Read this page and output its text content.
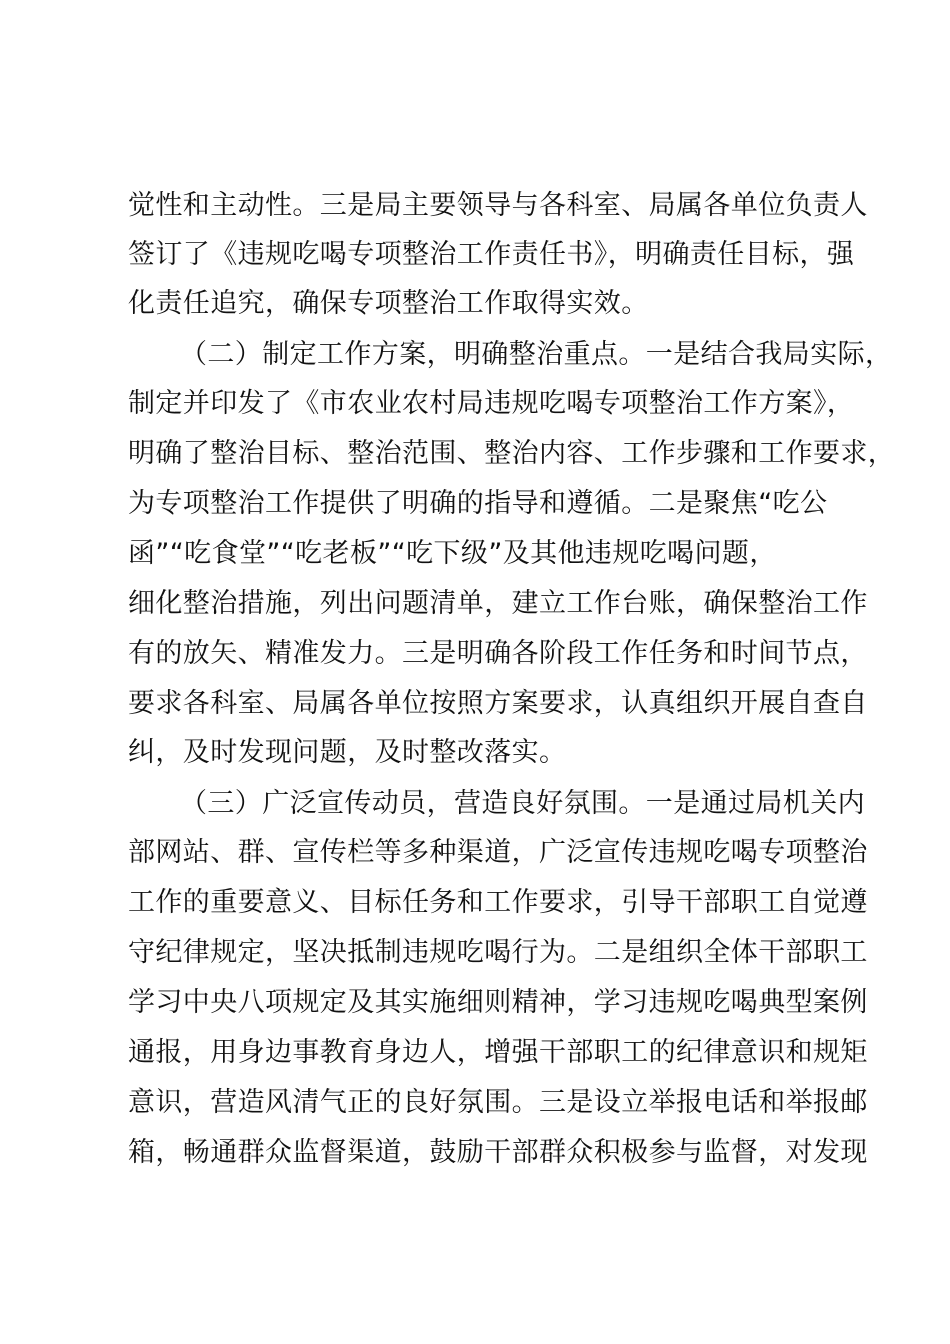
觉性和主动性。三是局主要领导与各科室、局属各单位负责人
签订了《违规吃喝专项整治工作责任书》，明确责任目标，强
化责任追究，确保专项整治工作取得实效。
（二）制定工作方案，明确整治重点。一是结合我局实际，
制定并印发了《市农业农村局违规吃喝专项整治工作方案》，
明确了整治目标、整治范围、整治内容、工作步骤和工作要求，
为专项整治工作提供了明确的指导和遵循。二是聚焦“吃公
函”“吃食堂”“吃老板”“吃下级”及其他违规吃喝问题，
细化整治措施，列出问题清单，建立工作台账，确保整治工作
有的放矢、精准发力。三是明确各阶段工作任务和时间节点，
要求各科室、局属各单位按照方案要求，认真组织开展自查自
纠，及时发现问题，及时整改落实。
（三）广泛宣传动员，营造良好氛围。一是通过局机关内
部网站、群、宣传栏等多种渠道，广泛宣传违规吃喝专项整治
工作的重要意义、目标任务和工作要求，引导干部职工自觉遵
守纪律规定，坚决抵制违规吃喝行为。二是组织全体干部职工
学习中央八项规定及其实施细则精神，学习违规吃喝典型案例
通报，用身边事教育身边人，增强干部职工的纪律意识和规矩
意识，营造风清气正的良好氛围。三是设立举报电话和举报邮
箱，畅通群众监督渠道，鼓励干部群众积极参与监督，对发现
